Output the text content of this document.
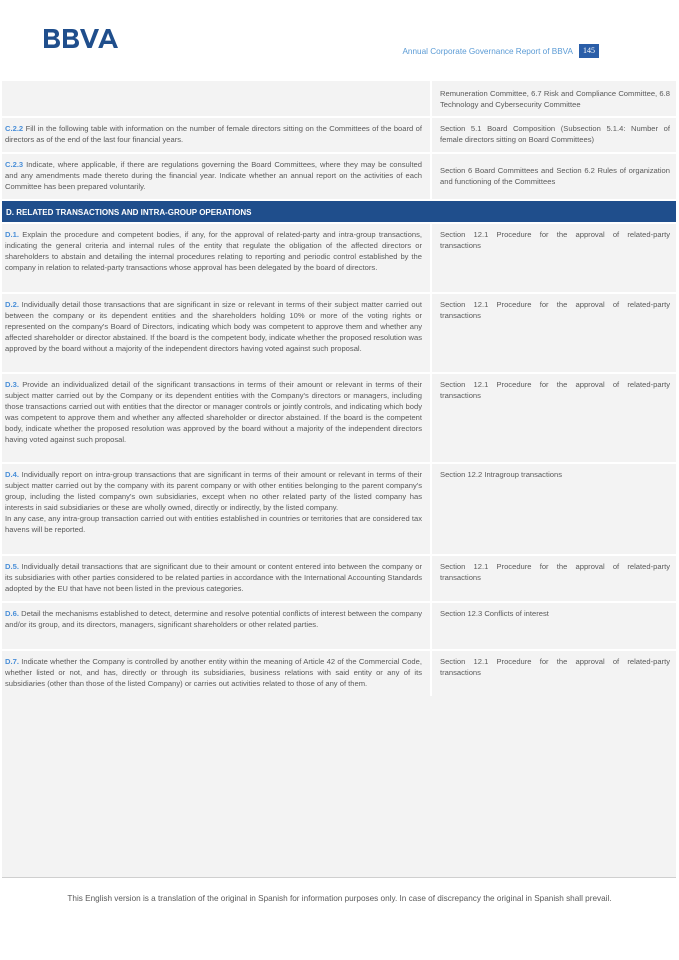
Annual Corporate Governance Report of BBVA	145
Remuneration Committee, 6.7 Risk and Compliance Committee, 6.8 Technology and Cybersecurity Committee
C.2.2 Fill in the following table with information on the number of female directors sitting on the Committees of the board of directors as of the end of the last four financial years.
Section 5.1 Board Composition (Subsection 5.1.4: Number of female directors sitting on Board Committees)
C.2.3 Indicate, where applicable, if there are regulations governing the Board Committees, where they may be consulted and any amendments made thereto during the financial year. Indicate whether an annual report on the activities of each Committee has been prepared voluntarily.
Section 6 Board Committees and Section 6.2 Rules of organization and functioning of the Committees
D. RELATED TRANSACTIONS AND INTRA-GROUP OPERATIONS
D.1. Explain the procedure and competent bodies, if any, for the approval of related-party and intra-group transactions, indicating the general criteria and internal rules of the entity that regulate the obligation of the affected directors or shareholders to abstain and detailing the internal procedures relating to reporting and periodic control established by the company in relation to related-party transactions whose approval has been delegated by the board of directors.
Section 12.1 Procedure for the approval of related-party transactions
D.2. Individually detail those transactions that are significant in size or relevant in terms of their subject matter carried out between the company or its dependent entities and the shareholders holding 10% or more of the voting rights or represented on the company's Board of Directors, indicating which body was competent to approve them and whether any affected shareholder or director abstained. If the board is the competent body, indicate whether the proposed resolution was approved by the board without a majority of the independent directors having voted against such proposal.
Section 12.1 Procedure for the approval of related-party transactions
D.3. Provide an individualized detail of the significant transactions in terms of their amount or relevant in terms of their subject matter carried out by the Company or its dependent entities with the Company's directors or managers, including those transactions carried out with entities that the director or manager controls or jointly controls, and indicating which body was competent to approve them and whether any affected shareholder or director abstained. If the board is the competent body, indicate whether the proposed resolution was approved by the board without a majority of the independent directors having voted against such proposal.
Section 12.1 Procedure for the approval of related-party transactions
D.4. Individually report on intra-group transactions that are significant in terms of their amount or relevant in terms of their subject matter carried out by the company with its parent company or with other entities belonging to the parent company's group, including the listed company's own subsidiaries, except when no other related party of the listed company has interests in said subsidiaries or these are wholly owned, directly or indirectly, by the listed company.
In any case, any intra-group transaction carried out with entities established in countries or territories that are considered tax havens will be reported.
Section 12.2 Intragroup transactions
D.5. Individually detail transactions that are significant due to their amount or content entered into between the company or its subsidiaries with other parties considered to be related parties in accordance with the International Accounting Standards adopted by the EU that have not been listed in the previous categories.
Section 12.1 Procedure for the approval of related-party transactions
D.6. Detail the mechanisms established to detect, determine and resolve potential conflicts of interest between the company and/or its group, and its directors, managers, significant shareholders or other related parties.
Section 12.3 Conflicts of interest
D.7. Indicate whether the Company is controlled by another entity within the meaning of Article 42 of the Commercial Code, whether listed or not, and has, directly or through its subsidiaries, business relations with said entity or any of its subsidiaries (other than those of the listed Company) or carries out activities related to those of any of them.
Section 12.1 Procedure for the approval of related-party transactions
This English version is a translation of the original in Spanish for information purposes only. In case of discrepancy the original in Spanish shall prevail.
